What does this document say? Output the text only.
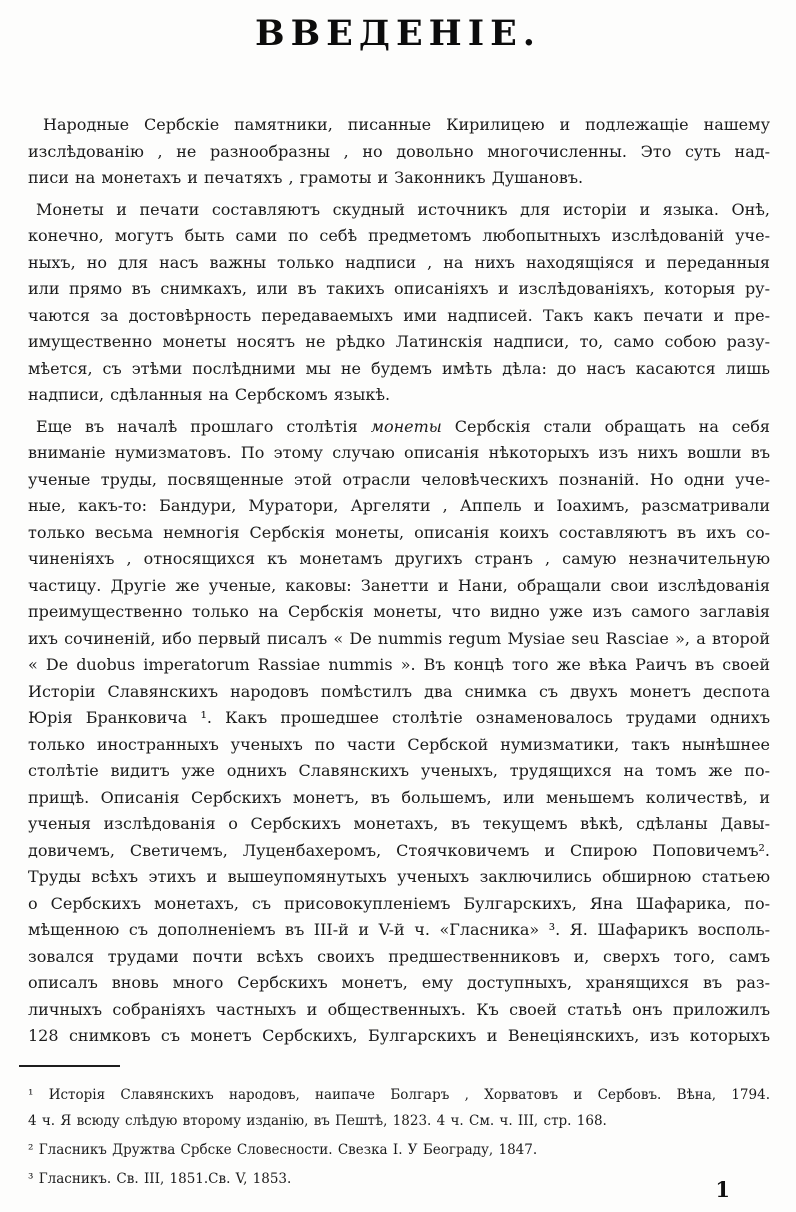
ВВЕДЕНІЕ.
Народные Сербскіе памятники, писанные Кирилицею и подлежащіе нашему
изслѣдованію , не разнообразны , но довольно многочисленны. Это суть над-
писи на монетахъ и печатяхъ , грамоты и Законникъ Душановъ.
Монеты и печати составляютъ скудный источникъ для исторіи и языка. Онѣ,
конечно, могутъ быть сами по себѣ предметомъ любопытныхъ изслѣдованій уче-
ныхъ, но для насъ важны только надписи , на нихъ находящіяся и переданныя
или прямо въ снимкахъ, или въ такихъ описаніяхъ и изслѣдованіяхъ, которыя ру-
чаются за достовѣрность передаваемыхъ ими надписей. Такъ какъ печати и пре-
имущественно монеты носятъ не рѣдко Латинскія надписи, то, само собою разу-
мѣется, съ этѣми послѣдними мы не будемъ имѣть дѣла: до насъ касаются лишь
надписи, сдѣланныя на Сербскомъ языкѣ.
Еще въ началѣ прошлаго столѣтія монеты Сербскія стали обращать на себя
вниманіе нумизматовъ. По этому случаю описанія нѣкоторыхъ изъ нихъ вошли въ
ученые труды, посвященные этой отрасли человѣческихъ познаній. Но одни уче-
ные, какъ-то: Бандури, Муратори, Аргеляти , Аппель и Іоахимъ, разсматривали
только весьма немногія Сербскія монеты, описанія коихъ составляютъ въ ихъ со-
чиненіяхъ , относящихся къ монетамъ другихъ странъ , самую незначительную
частицу. Другіе же ученые, каковы: Занетти и Нани, обращали свои изслѣдованія
преимущественно только на Сербскія монеты, что видно уже изъ самого заглавія
ихъ сочиненій, ибо первый писалъ « De nummis regum Mysiae seu Rasciae », а второй
« De duobus imperatorum Rassiae nummis ». Въ концѣ того же вѣка Раичъ въ своей
Исторіи Славянскихъ народовъ помѣстилъ два снимка съ двухъ монетъ деспота
Юрія Бранковича ¹. Какъ прошедшее столѣтіе ознаменовалось трудами однихъ
только иностранныхъ ученыхъ по части Сербской нумизматики, такъ нынѣшнее
столѣтіе видитъ уже однихъ Славянскихъ ученыхъ, трудящихся на томъ же по-
прищѣ. Описанія Сербскихъ монетъ, въ большемъ, или меньшемъ количествѣ, и
ученыя изслѣдованія о Сербскихъ монетахъ, въ текущемъ вѣкѣ, сдѣланы Давы-
довичемъ, Светичемъ, Луценбахеромъ, Стоячковичемъ и Спирою Поповичемъ².
Труды всѣхъ этихъ и вышеупомянутыхъ ученыхъ заключились обширною статьею
о Сербскихъ монетахъ, съ присовокупленіемъ Булгарскихъ, Яна Шафарика, по-
мѣщенною съ дополненіемъ въ III-й и V-й ч. «Гласника» ³. Я. Шафарикъ восполь-
зовался трудами почти всѣхъ своихъ предшественниковъ и, сверхъ того, самъ
описалъ вновь много Сербскихъ монетъ, ему доступныхъ, хранящихся въ раз-
личныхъ собраніяхъ частныхъ и общественныхъ. Къ своей статьѣ онъ приложилъ
128 снимковъ съ монетъ Сербскихъ, Булгарскихъ и Венеціянскихъ, изъ которыхъ
¹ Исторія Славянскихъ народовъ, наипаче Болгаръ , Хорватовъ и Сербовъ. Вѣна, 1794.
4 ч. Я всюду слѣдую второму изданію, въ Пештѣ, 1823. 4 ч. См. ч. III, стр. 168.
² Гласникъ Дружтва Србске Словесности. Свезка I. У Београду, 1847.
³ Гласникъ. Св. III, 1851.Св. V, 1853.	1
